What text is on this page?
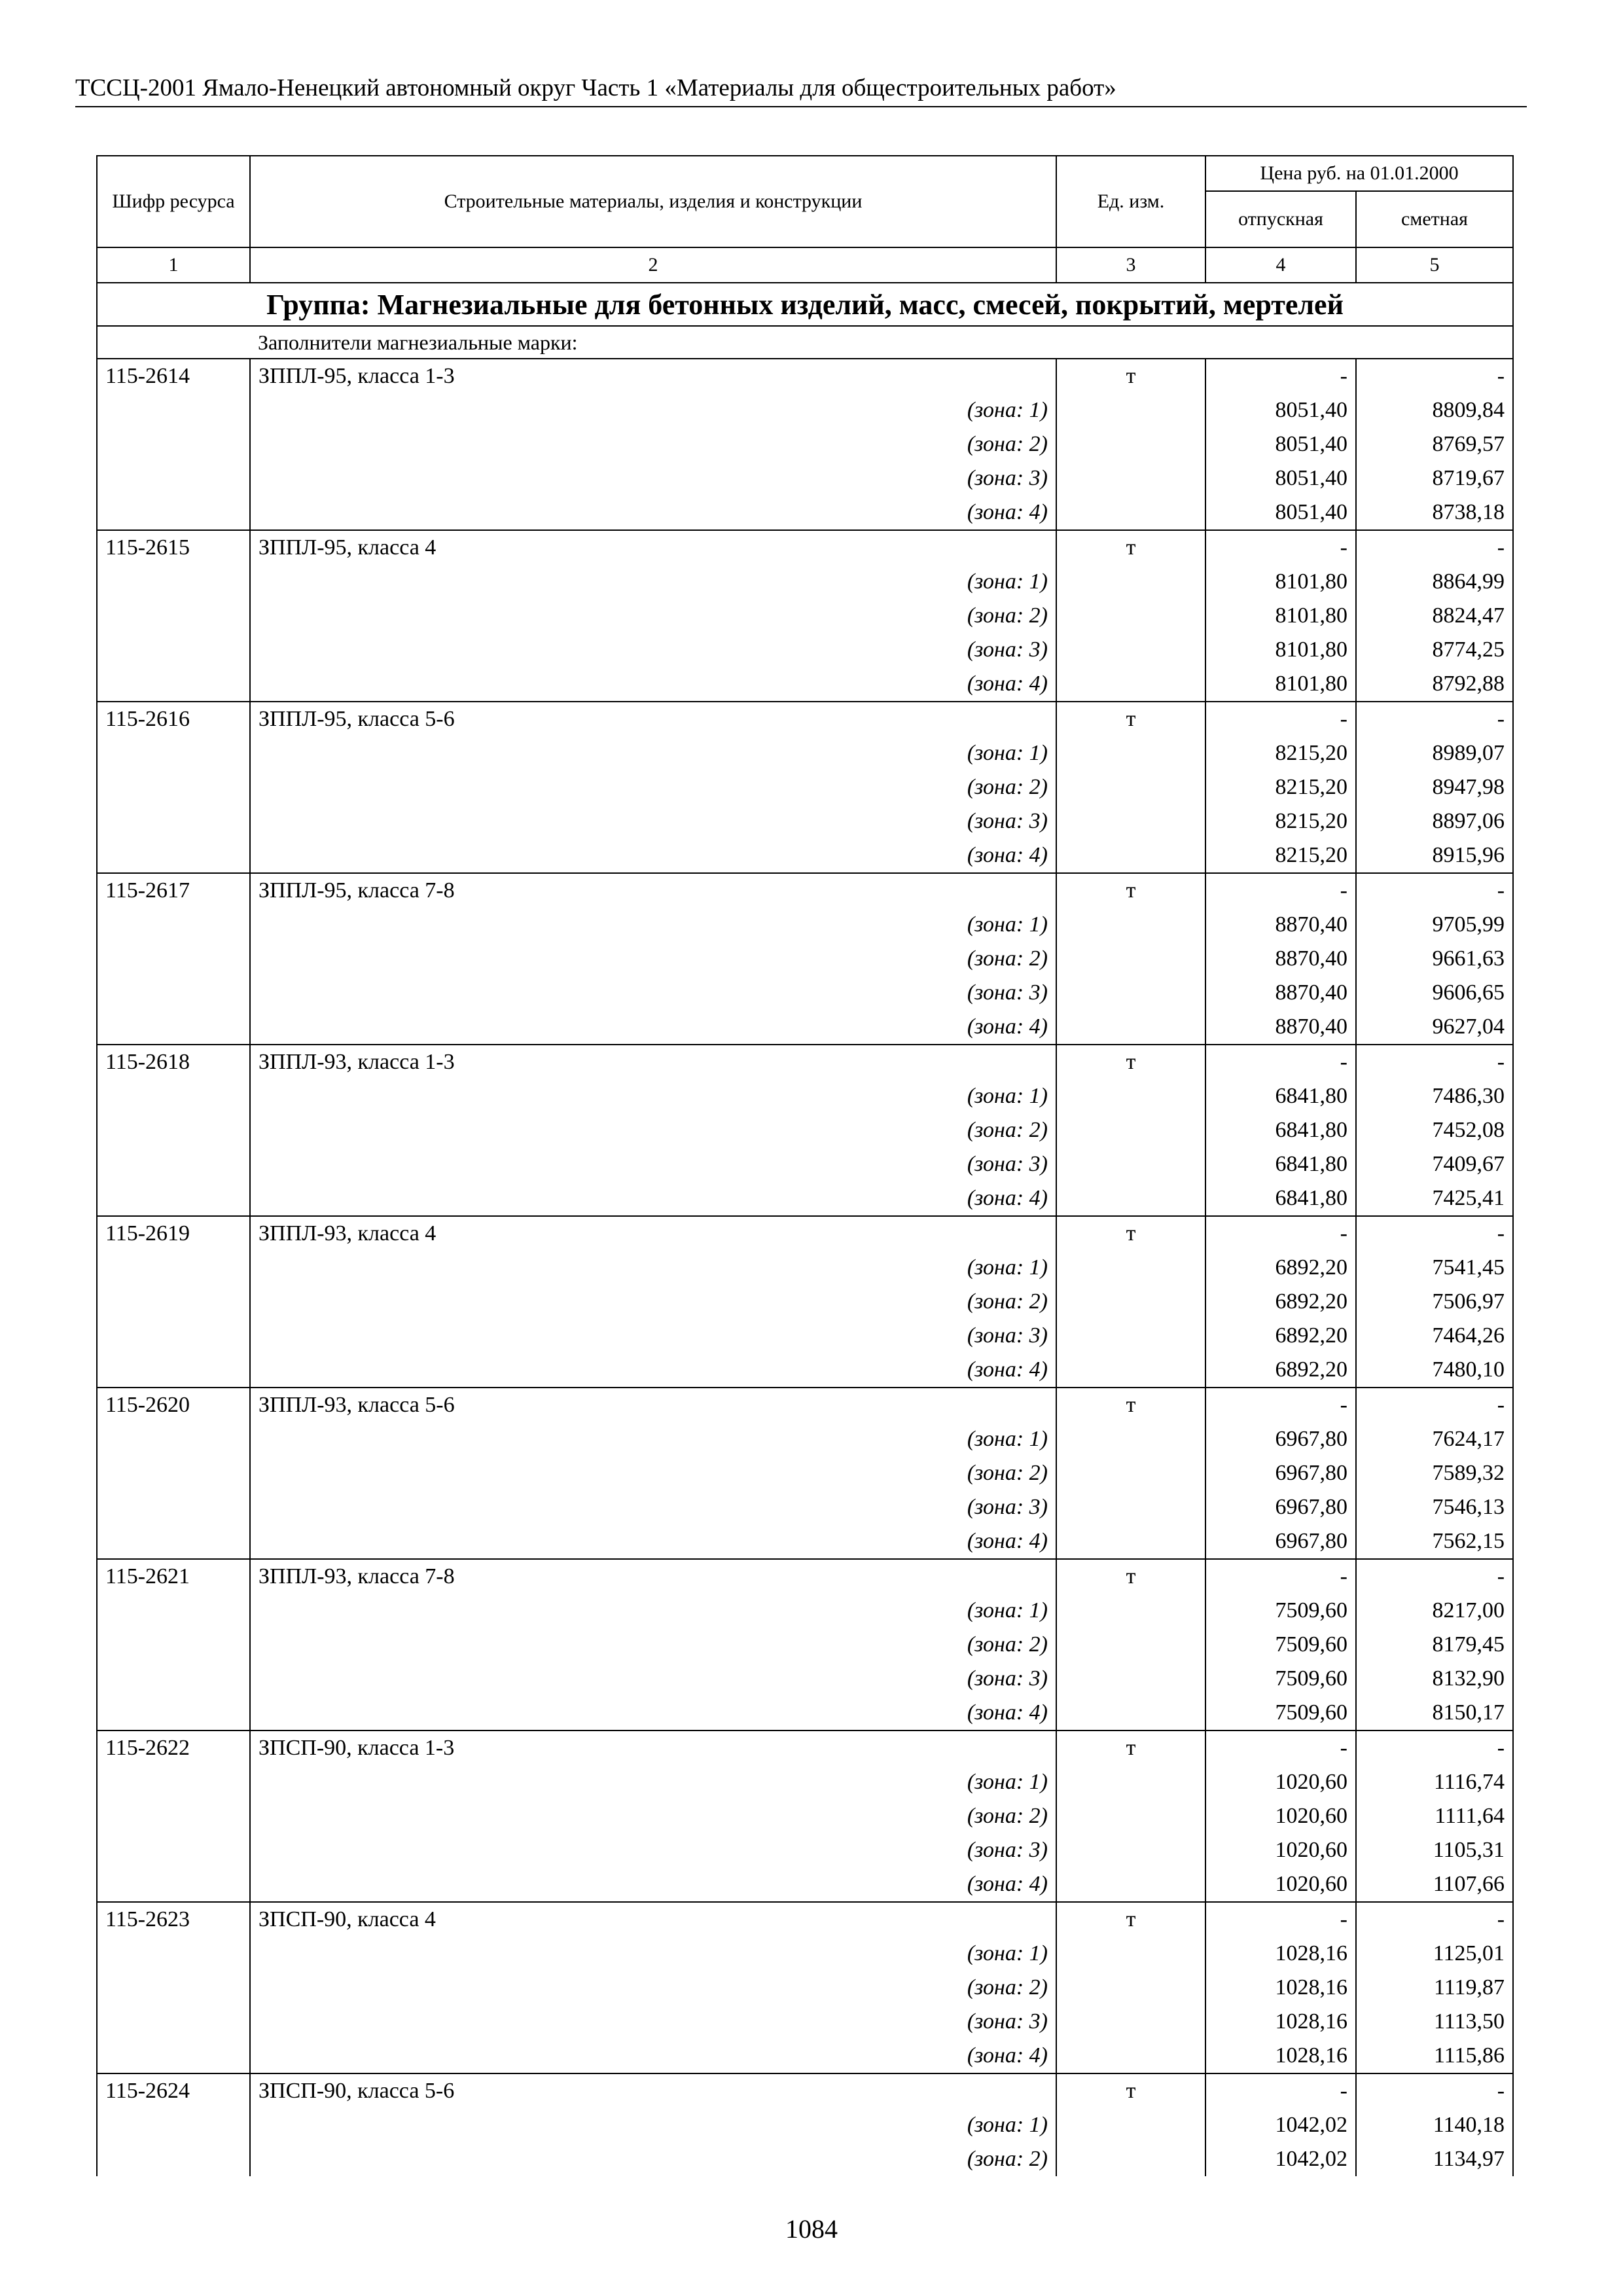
ТССЦ-2001 Ямало-Ненецкий автономный округ Часть 1 «Материалы для общестроительных работ»
Шифр ресурса	Строительные материалы, изделия и конструкции	Ед. изм.	Цена руб. на 01.01.2000	
			отпускная	сметная
1	2	3	4	5
Группа: Магнезиальные для бетонных изделий, масс, смесей, покрытий, мертелей				
Заполнители магнезиальные марки:				
115-2614	ЗППЛ-95, класса 1-3	т	-	-
	(зона: 1)		8051,40	8809,84
	(зона: 2)		8051,40	8769,57
	(зона: 3)		8051,40	8719,67
	(зона: 4)		8051,40	8738,18
115-2615	ЗППЛ-95, класса 4	т	-	-
	(зона: 1)		8101,80	8864,99
	(зона: 2)		8101,80	8824,47
	(зона: 3)		8101,80	8774,25
	(зона: 4)		8101,80	8792,88
115-2616	ЗППЛ-95, класса 5-6	т	-	-
	(зона: 1)		8215,20	8989,07
	(зона: 2)		8215,20	8947,98
	(зона: 3)		8215,20	8897,06
	(зона: 4)		8215,20	8915,96
115-2617	ЗППЛ-95, класса 7-8	т	-	-
	(зона: 1)		8870,40	9705,99
	(зона: 2)		8870,40	9661,63
	(зона: 3)		8870,40	9606,65
	(зона: 4)		8870,40	9627,04
115-2618	ЗППЛ-93, класса 1-3	т	-	-
	(зона: 1)		6841,80	7486,30
	(зона: 2)		6841,80	7452,08
	(зона: 3)		6841,80	7409,67
	(зона: 4)		6841,80	7425,41
115-2619	ЗППЛ-93, класса 4	т	-	-
	(зона: 1)		6892,20	7541,45
	(зона: 2)		6892,20	7506,97
	(зона: 3)		6892,20	7464,26
	(зона: 4)		6892,20	7480,10
115-2620	ЗППЛ-93, класса 5-6	т	-	-
	(зона: 1)		6967,80	7624,17
	(зона: 2)		6967,80	7589,32
	(зона: 3)		6967,80	7546,13
	(зона: 4)		6967,80	7562,15
115-2621	ЗППЛ-93, класса 7-8	т	-	-
	(зона: 1)		7509,60	8217,00
	(зона: 2)		7509,60	8179,45
	(зона: 3)		7509,60	8132,90
	(зона: 4)		7509,60	8150,17
115-2622	ЗПСП-90, класса 1-3	т	-	-
	(зона: 1)		1020,60	1116,74
	(зона: 2)		1020,60	1111,64
	(зона: 3)		1020,60	1105,31
	(зона: 4)		1020,60	1107,66
115-2623	ЗПСП-90, класса 4	т	-	-
	(зона: 1)		1028,16	1125,01
	(зона: 2)		1028,16	1119,87
	(зона: 3)		1028,16	1113,50
	(зона: 4)		1028,16	1115,86
115-2624	ЗПСП-90, класса 5-6	т	-	-
	(зона: 1)		1042,02	1140,18
	(зона: 2)		1042,02	1134,97
1084
